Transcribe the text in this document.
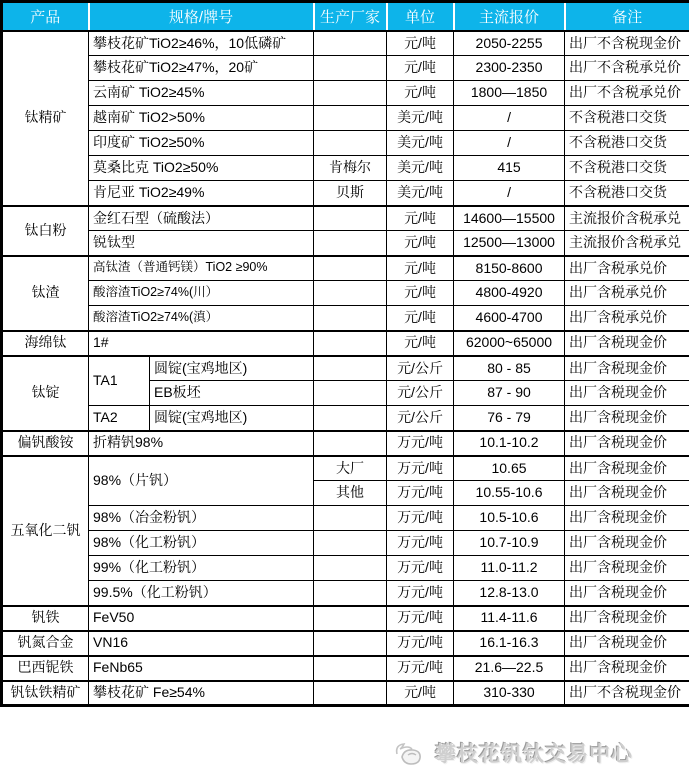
产品	规格/牌号		生产厂家	单位	主流报价	备注
钛精矿	攀枝花矿TiO2≥46%，10低磷矿			元/吨	2050-2255	出厂不含税现金价
	攀枝花矿TiO2≥47%，20矿			元/吨	2300-2350	出厂不含税承兑价
	云南矿 TiO2≥45%			元/吨	1800—1850	出厂不含税承兑价
	越南矿 TiO2>50%			美元/吨	/	不含税港口交货
	印度矿 TiO2≥50%			美元/吨	/	不含税港口交货
	莫桑比克 TiO2≥50%		肯梅尔	美元/吨	415	不含税港口交货
	肯尼亚 TiO2≥49%		贝斯	美元/吨	/	不含税港口交货
钛白粉	金红石型（硫酸法）			元/吨	14600—15500	主流报价含税承兑
	锐钛型			元/吨	12500—13000	主流报价含税承兑
钛渣	高钛渣（普通钙镁）TiO2 ≥90%			元/吨	8150-8600	出厂含税承兑价
	酸溶渣TiO2≥74%(川）			元/吨	4800-4920	出厂含税承兑价
	酸溶渣TiO2≥74%(滇）			元/吨	4600-4700	出厂含税承兑价
海绵钛	1#			元/吨	62000~65000	出厂含税现金价
钛锭	TA1	圆锭(宝鸡地区)		元/公斤	80 - 85	出厂含税现金价
		EB板坯		元/公斤	87 - 90	出厂含税现金价
	TA2	圆锭(宝鸡地区)		元/公斤	76 - 79	出厂含税现金价
偏钒酸铵	折精钒98%			万元/吨	10.1-10.2	出厂含税现金价
五氧化二钒	98%（片钒）		大厂	万元/吨	10.65	出厂含税现金价
			其他	万元/吨	10.55-10.6	出厂含税现金价
	98%（冶金粉钒）			万元/吨	10.5-10.6	出厂含税现金价
	98%（化工粉钒）			万元/吨	10.7-10.9	出厂含税现金价
	99%（化工粉钒）			万元/吨	11.0-11.2	出厂含税现金价
	99.5%（化工粉钒）			万元/吨	12.8-13.0	出厂含税现金价
钒铁	FeV50			万元/吨	11.4-11.6	出厂含税现金价
钒氮合金	VN16			万元/吨	16.1-16.3	出厂含税现金价
巴西铌铁	FeNb65			万元/吨	21.6—22.5	出厂含税现金价
钒钛铁精矿	攀枝花矿 Fe≥54%			元/吨	310-330	出厂不含税现金价
攀枝花钒钛交易中心
